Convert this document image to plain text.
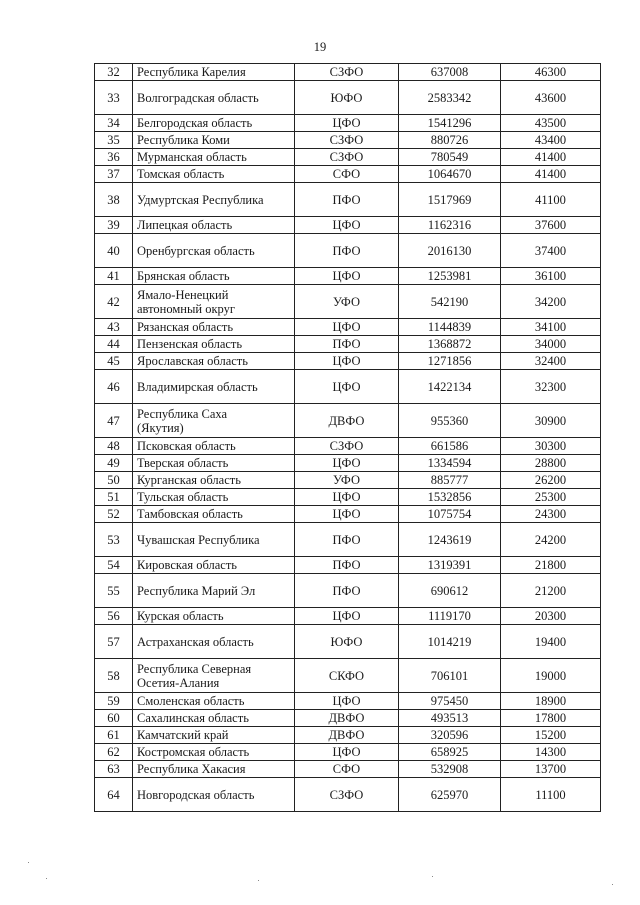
19
32	Республика Карелия	СЗФО	637008	46300
33	Волгоградская область	ЮФО	2583342	43600
34	Белгородская область	ЦФО	1541296	43500
35	Республика Коми	СЗФО	880726	43400
36	Мурманская область	СЗФО	780549	41400
37	Томская область	СФО	1064670	41400
38	Удмуртская Республика	ПФО	1517969	41100
39	Липецкая область	ЦФО	1162316	37600
40	Оренбургская область	ПФО	2016130	37400
41	Брянская область	ЦФО	1253981	36100
42	Ямало-Ненецкий
автономный округ	УФО	542190	34200
43	Рязанская область	ЦФО	1144839	34100
44	Пензенская область	ПФО	1368872	34000
45	Ярославская область	ЦФО	1271856	32400
46	Владимирская область	ЦФО	1422134	32300
47	Республика Саха
(Якутия)	ДВФО	955360	30900
48	Псковская область	СЗФО	661586	30300
49	Тверская область	ЦФО	1334594	28800
50	Курганская область	УФО	885777	26200
51	Тульская область	ЦФО	1532856	25300
52	Тамбовская область	ЦФО	1075754	24300
53	Чувашская Республика	ПФО	1243619	24200
54	Кировская область	ПФО	1319391	21800
55	Республика Марий Эл	ПФО	690612	21200
56	Курская область	ЦФО	1119170	20300
57	Астраханская область	ЮФО	1014219	19400
58	Республика Северная
Осетия-Алания	СКФО	706101	19000
59	Смоленская область	ЦФО	975450	18900
60	Сахалинская область	ДВФО	493513	17800
61	Камчатский край	ДВФО	320596	15200
62	Костромская область	ЦФО	658925	14300
63	Республика Хакасия	СФО	532908	13700
64	Новгородская область	СЗФО	625970	11100
